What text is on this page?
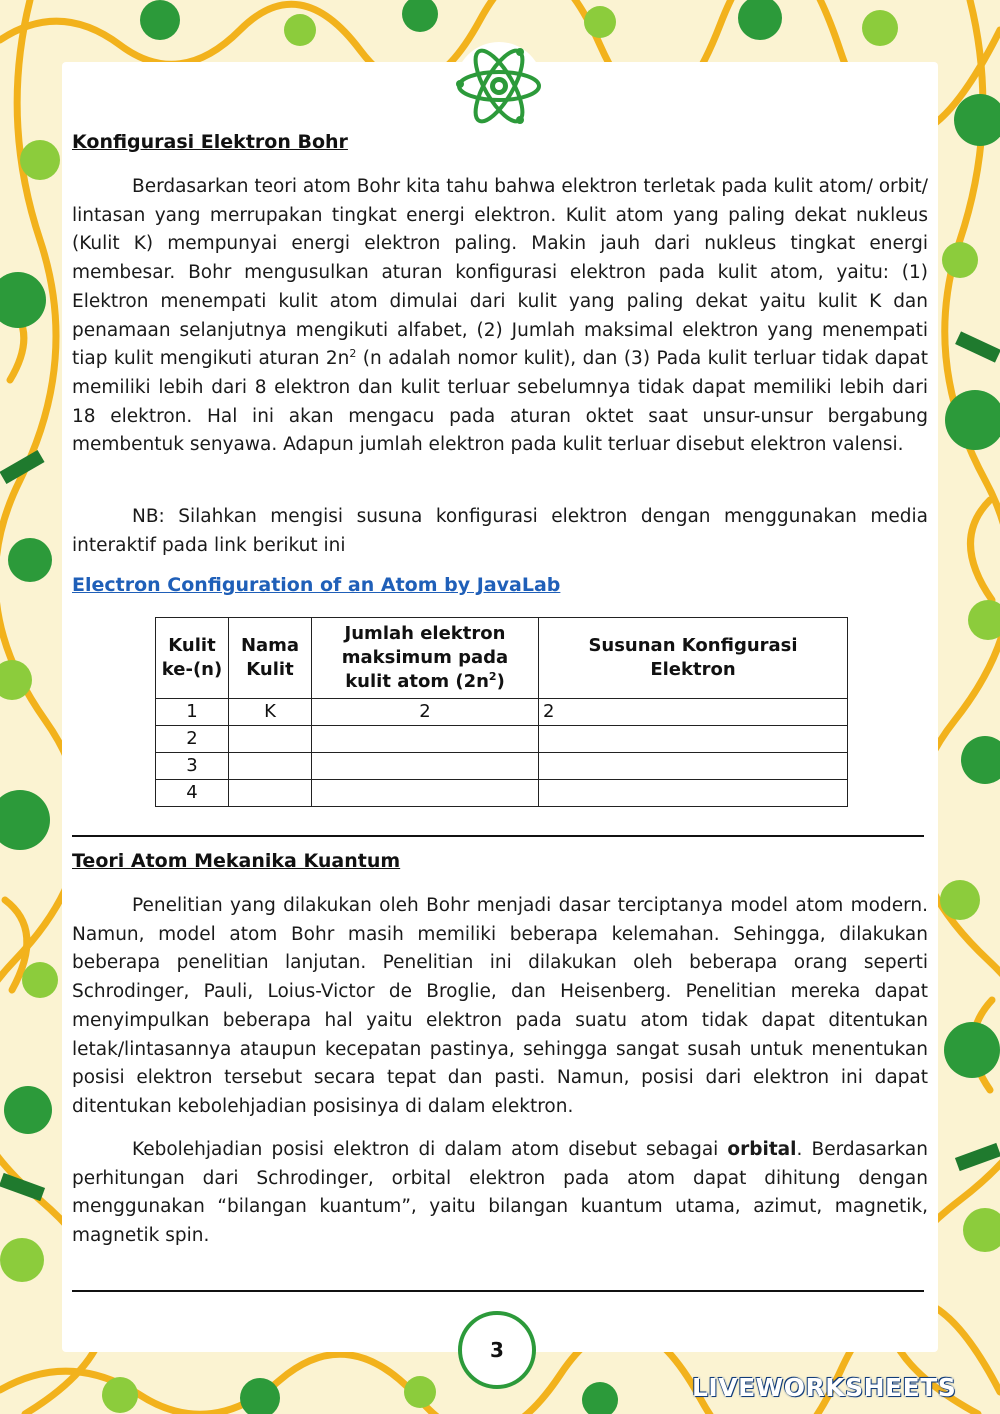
Konfigurasi Elektron Bohr

Berdasarkan teori atom Bohr kita tahu bahwa elektron terletak pada kulit atom/ orbit/ lintasan yang merrupakan tingkat energi elektron. Kulit atom yang paling dekat nukleus (Kulit K) mempunyai energi elektron paling. Makin jauh dari nukleus tingkat energi membesar. Bohr mengusulkan aturan konfigurasi elektron pada kulit atom, yaitu: (1) Elektron menempati kulit atom dimulai dari kulit yang paling dekat yaitu kulit K dan penamaan selanjutnya mengikuti alfabet, (2) Jumlah maksimal elektron yang menempati tiap kulit mengikuti aturan $2n^2$ (n adalah nomor kulit), dan (3) Pada kulit terluar tidak dapat memiliki lebih dari 8 elektron dan kulit terluar sebelumnya tidak dapat memiliki lebih dari 18 elektron. Hal ini akan mengacu pada aturan oktet saat unsur-unsur bergabung membentuk senyawa. Adapun jumlah elektron pada kulit terluar disebut elektron valensi.

NB: Silahkan mengisi susuna konfigurasi elektron dengan menggunakan media interaktif pada link berikut ini

Electron Configuration of an Atom by JavaLab
Kulit ke-(n)	Nama Kulit	Jumlah elektron maksimum pada kulit atom $(2n^2)$	Susunan Konfigurasi Elektron
1	K	2	2
2			
3			
4			
Teori Atom Mekanika Kuantum

Penelitian yang dilakukan oleh Bohr menjadi dasar terciptanya model atom modern. Namun, model atom Bohr masih memiliki beberapa kelemahan. Sehingga, dilakukan beberapa penelitian lanjutan. Penelitian ini dilakukan oleh beberapa orang seperti Schrodinger, Pauli, Loius-Victor de Broglie, dan Heisenberg. Penelitian mereka dapat menyimpulkan beberapa hal yaitu elektron pada suatu atom tidak dapat ditentukan letak/lintasannya ataupun kecepatan pastinya, sehingga sangat susah untuk menentukan posisi elektron tersebut secara tepat dan pasti. Namun, posisi dari elektron ini dapat ditentukan kebolehjadian posisinya di dalam elektron.

Kebolehjadian posisi elektron di dalam atom disebut sebagai orbital. Berdasarkan perhitungan dari Schrodinger, orbital elektron pada atom dapat dihitung dengan menggunakan “bilangan kuantum”, yaitu bilangan kuantum utama, azimut, magnetik, magnetik spin.

3
LIVEWORKSHEETS
